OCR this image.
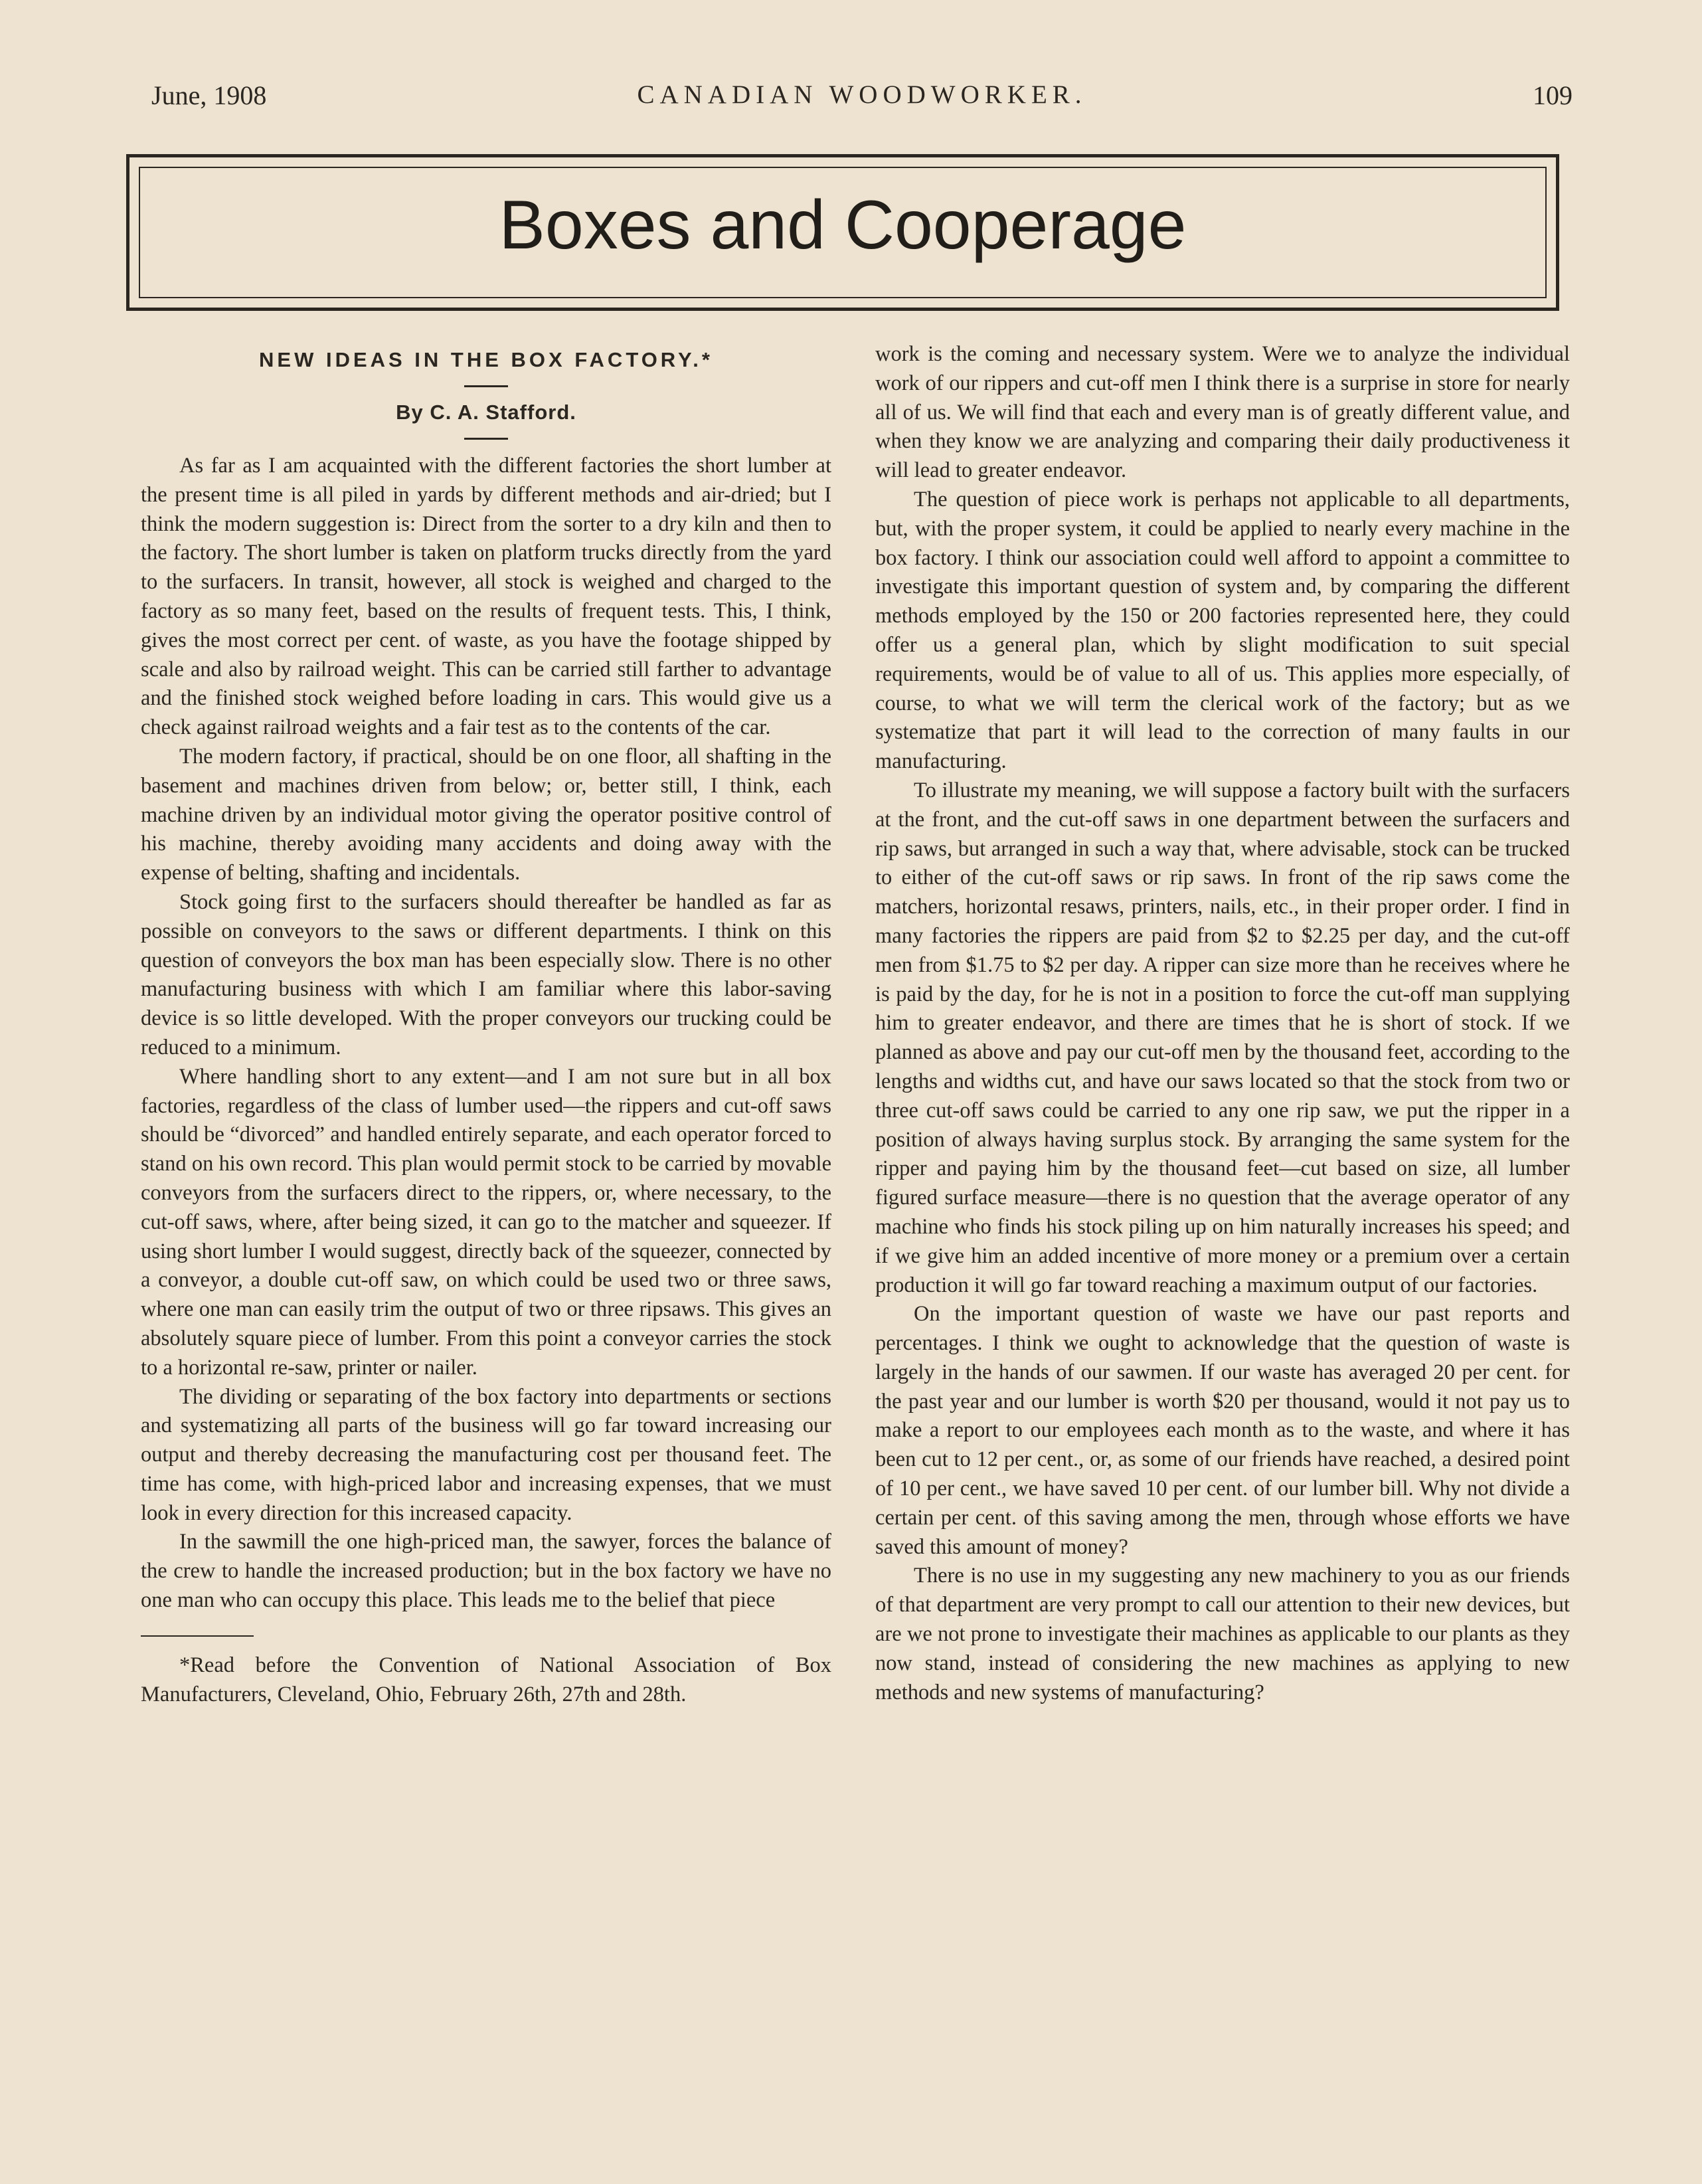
June, 1908	CANADIAN WOODWORKER.	109
Boxes and Cooperage
NEW IDEAS IN THE BOX FACTORY.*
By C. A. Stafford.

As far as I am acquainted with the different factories the short lumber at the present time is all piled in yards by different methods and air-dried; but I think the modern suggestion is: Direct from the sorter to a dry kiln and then to the factory. The short lumber is taken on platform trucks directly from the yard to the surfacers. In transit, however, all stock is weighed and charged to the factory as so many feet, based on the results of frequent tests. This, I think, gives the most correct per cent. of waste, as you have the footage shipped by scale and also by railroad weight. This can be carried still farther to advantage and the finished stock weighed before loading in cars. This would give us a check against railroad weights and a fair test as to the contents of the car.

The modern factory, if practical, should be on one floor, all shafting in the basement and machines driven from below; or, better still, I think, each machine driven by an individual motor giving the operator positive control of his machine, thereby avoiding many accidents and doing away with the expense of belting, shafting and incidentals.

Stock going first to the surfacers should thereafter be handled as far as possible on conveyors to the saws or different departments. I think on this question of conveyors the box man has been especially slow. There is no other manufacturing business with which I am familiar where this labor-saving device is so little developed. With the proper conveyors our trucking could be reduced to a minimum.

Where handling short to any extent—and I am not sure but in all box factories, regardless of the class of lumber used—the rippers and cut-off saws should be “divorced” and handled entirely separate, and each operator forced to stand on his own record. This plan would permit stock to be carried by movable conveyors from the surfacers direct to the rippers, or, where necessary, to the cut-off saws, where, after being sized, it can go to the matcher and squeezer. If using short lumber I would suggest, directly back of the squeezer, connected by a conveyor, a double cut-off saw, on which could be used two or three saws, where one man can easily trim the output of two or three ripsaws. This gives an absolutely square piece of lumber. From this point a conveyor carries the stock to a horizontal re-saw, printer or nailer.

The dividing or separating of the box factory into departments or sections and systematizing all parts of the business will go far toward increasing our output and thereby decreasing the manufacturing cost per thousand feet. The time has come, with high-priced labor and increasing expenses, that we must look in every direction for this increased capacity.

In the sawmill the one high-priced man, the sawyer, forces the balance of the crew to handle the increased production; but in the box factory we have no one man who can occupy this place. This leads me to the belief that piece

*Read before the Convention of National Association of Box Manufacturers, Cleveland, Ohio, February 26th, 27th and 28th.

work is the coming and necessary system. Were we to analyze the individual work of our rippers and cut-off men I think there is a surprise in store for nearly all of us. We will find that each and every man is of greatly different value, and when they know we are analyzing and comparing their daily productiveness it will lead to greater endeavor.

The question of piece work is perhaps not applicable to all departments, but, with the proper system, it could be applied to nearly every machine in the box factory. I think our association could well afford to appoint a committee to investigate this important question of system and, by comparing the different methods employed by the 150 or 200 factories represented here, they could offer us a general plan, which by slight modification to suit special requirements, would be of value to all of us. This applies more especially, of course, to what we will term the clerical work of the factory; but as we systematize that part it will lead to the correction of many faults in our manufacturing.

To illustrate my meaning, we will suppose a factory built with the surfacers at the front, and the cut-off saws in one department between the surfacers and rip saws, but arranged in such a way that, where advisable, stock can be trucked to either of the cut-off saws or rip saws. In front of the rip saws come the matchers, horizontal resaws, printers, nails, etc., in their proper order. I find in many factories the rippers are paid from $2 to $2.25 per day, and the cut-off men from $1.75 to $2 per day. A ripper can size more than he receives where he is paid by the day, for he is not in a position to force the cut-off man supplying him to greater endeavor, and there are times that he is short of stock. If we planned as above and pay our cut-off men by the thousand feet, according to the lengths and widths cut, and have our saws located so that the stock from two or three cut-off saws could be carried to any one rip saw, we put the ripper in a position of always having surplus stock. By arranging the same system for the ripper and paying him by the thousand feet—cut based on size, all lumber figured surface measure—there is no question that the average operator of any machine who finds his stock piling up on him naturally increases his speed; and if we give him an added incentive of more money or a premium over a certain production it will go far toward reaching a maximum output of our factories.

On the important question of waste we have our past reports and percentages. I think we ought to acknowledge that the question of waste is largely in the hands of our sawmen. If our waste has averaged 20 per cent. for the past year and our lumber is worth $20 per thousand, would it not pay us to make a report to our employees each month as to the waste, and where it has been cut to 12 per cent., or, as some of our friends have reached, a desired point of 10 per cent., we have saved 10 per cent. of our lumber bill. Why not divide a certain per cent. of this saving among the men, through whose efforts we have saved this amount of money?

There is no use in my suggesting any new machinery to you as our friends of that department are very prompt to call our attention to their new devices, but are we not prone to investigate their machines as applicable to our plants as they now stand, instead of considering the new machines as applying to new methods and new systems of manufacturing?
